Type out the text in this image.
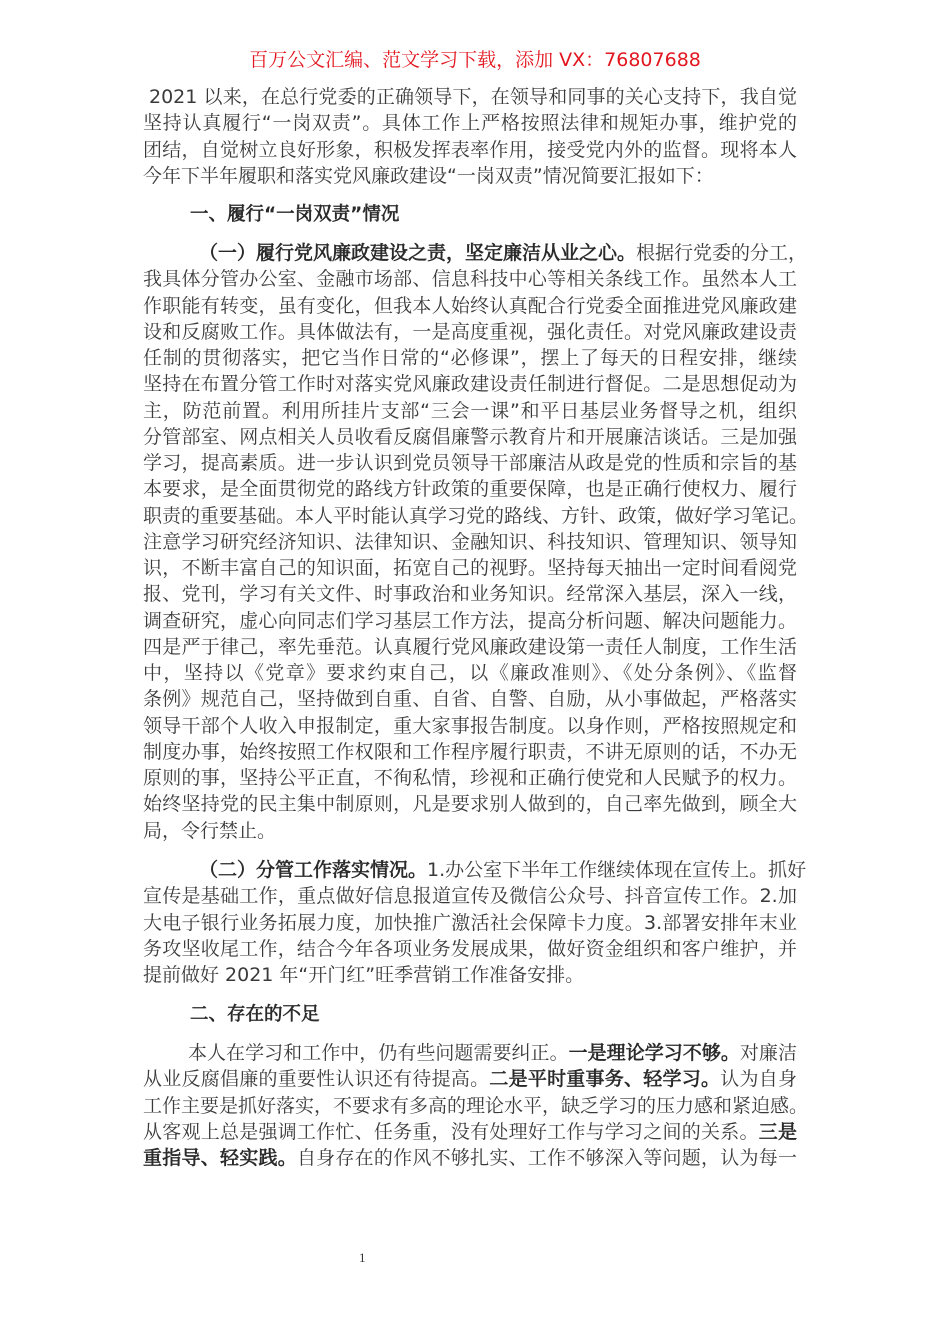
百万公文汇编、范文学习下载，添加 VX：76807688
2021 以来，在总行党委的正确领导下，在领导和同事的关心支持下，我自觉
坚持认真履行“一岗双责”。具体工作上严格按照法律和规矩办事，维护党的
团结，自觉树立良好形象，积极发挥表率作用，接受党内外的监督。现将本人
今年下半年履职和落实党风廉政建设“一岗双责”情况简要汇报如下：
一、履行“一岗双责”情况
（一）履行党风廉政建设之责，坚定廉洁从业之心。根据行党委的分工，
我具体分管办公室、金融市场部、信息科技中心等相关条线工作。虽然本人工
作职能有转变，虽有变化，但我本人始终认真配合行党委全面推进党风廉政建
设和反腐败工作。具体做法有，一是高度重视，强化责任。对党风廉政建设责
任制的贯彻落实，把它当作日常的“必修课”，摆上了每天的日程安排，继续
坚持在布置分管工作时对落实党风廉政建设责任制进行督促。二是思想促动为
主，防范前置。利用所挂片支部“三会一课”和平日基层业务督导之机，组织
分管部室、网点相关人员收看反腐倡廉警示教育片和开展廉洁谈话。三是加强
学习，提高素质。进一步认识到党员领导干部廉洁从政是党的性质和宗旨的基
本要求，是全面贯彻党的路线方针政策的重要保障，也是正确行使权力、履行
职责的重要基础。本人平时能认真学习党的路线、方针、政策，做好学习笔记。
注意学习研究经济知识、法律知识、金融知识、科技知识、管理知识、领导知
识，不断丰富自己的知识面，拓宽自己的视野。坚持每天抽出一定时间看阅党
报、党刊，学习有关文件、时事政治和业务知识。经常深入基层，深入一线，
调查研究，虚心向同志们学习基层工作方法，提高分析问题、解决问题能力。
四是严于律己，率先垂范。认真履行党风廉政建设第一责任人制度，工作生活
中，坚持以《党章》要求约束自己，以《廉政准则》、《处分条例》、《监督
条例》规范自己，坚持做到自重、自省、自警、自励，从小事做起，严格落实
领导干部个人收入申报制定，重大家事报告制度。以身作则，严格按照规定和
制度办事，始终按照工作权限和工作程序履行职责，不讲无原则的话，不办无
原则的事，坚持公平正直，不徇私情，珍视和正确行使党和人民赋予的权力。
始终坚持党的民主集中制原则，凡是要求别人做到的，自己率先做到，顾全大
局，令行禁止。
（二）分管工作落实情况。1.办公室下半年工作继续体现在宣传上。抓好
宣传是基础工作，重点做好信息报道宣传及微信公众号、抖音宣传工作。2.加
大电子银行业务拓展力度，加快推广激活社会保障卡力度。3.部署安排年末业
务攻坚收尾工作，结合今年各项业务发展成果，做好资金组织和客户维护，并
提前做好 2021 年“开门红”旺季营销工作准备安排。
二、存在的不足
本人在学习和工作中，仍有些问题需要纠正。一是理论学习不够。对廉洁
从业反腐倡廉的重要性认识还有待提高。二是平时重事务、轻学习。认为自身
工作主要是抓好落实，不要求有多高的理论水平，缺乏学习的压力感和紧迫感。
从客观上总是强调工作忙、任务重，没有处理好工作与学习之间的关系。三是
重指导、轻实践。自身存在的作风不够扎实、工作不够深入等问题，认为每一
1
